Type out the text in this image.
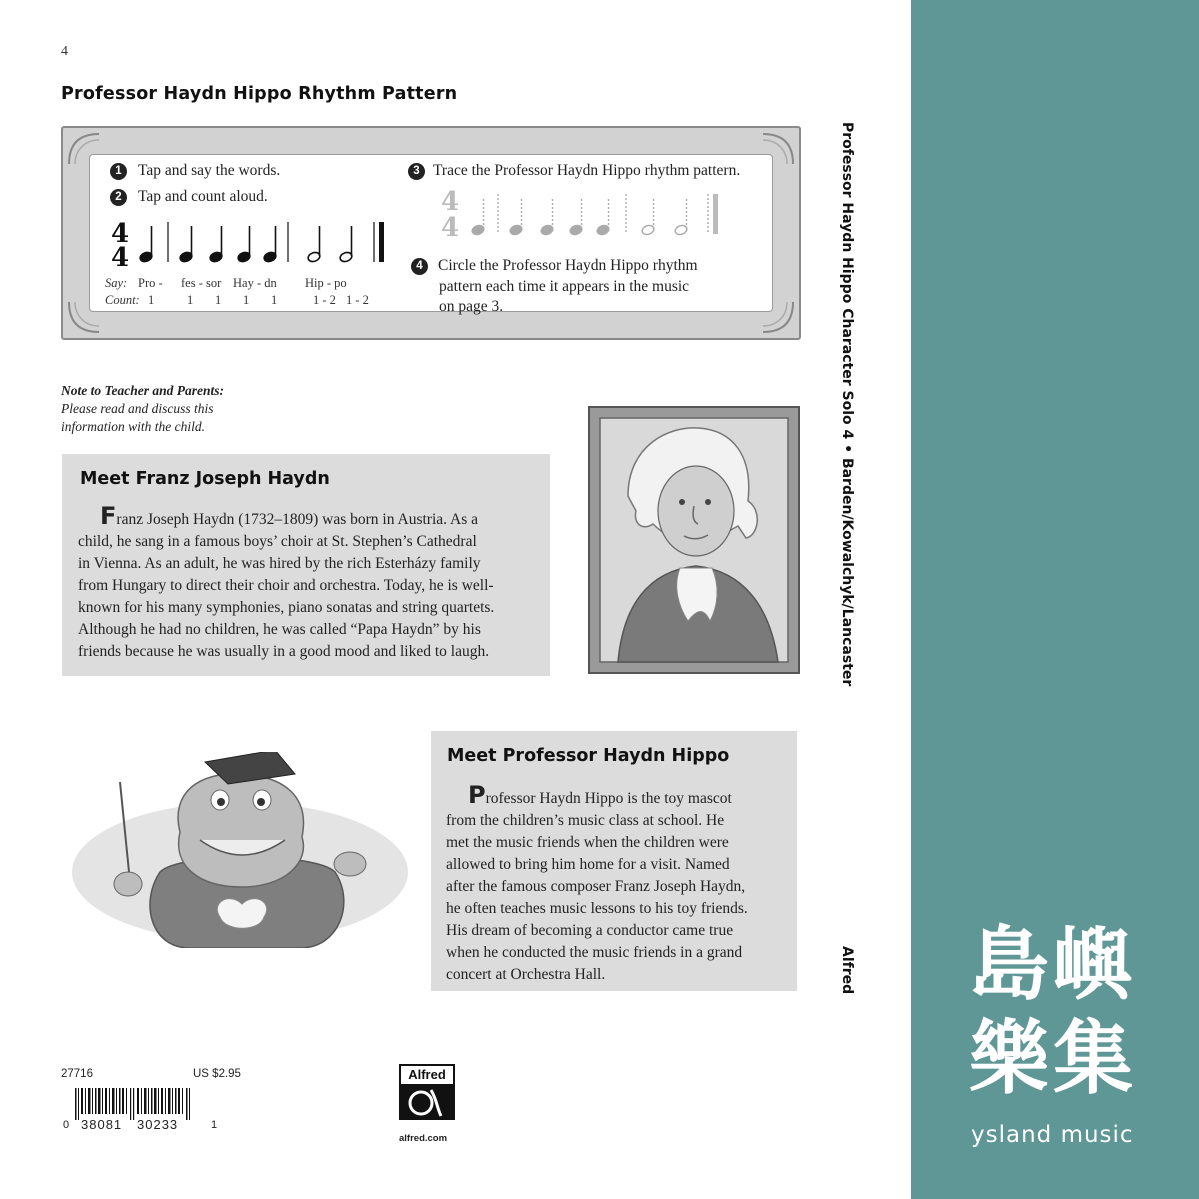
4
Professor Haydn Hippo Rhythm Pattern
1 Tap and say the words.
2 Tap and count aloud.
4
4
Say: Pro - fes - sor Hay - dn Hip - po
Count: 1	1 1 1 1	1 - 2 1 - 2
3 Trace the Professor Haydn Hippo rhythm pattern.
4
4
4 Circle the Professor Haydn Hippo rhythm
pattern each time it appears in the music
on page 3.
Note to Teacher and Parents:
Please read and discuss this
information with the child.
Meet Franz Joseph Haydn
Franz Joseph Haydn (1732–1809) was born in Austria. As a
child, he sang in a famous boys’ choir at St. Stephen’s Cathedral
in Vienna. As an adult, he was hired by the rich Esterházy family
from Hungary to direct their choir and orchestra. Today, he is well-
known for his many symphonies, piano sonatas and string quartets.
Although he had no children, he was called “Papa Haydn” by his
friends because he was usually in a good mood and liked to laugh.
Meet Professor Haydn Hippo
Professor Haydn Hippo is the toy mascot
from the children’s music class at school. He
met the music friends when the children were
allowed to bring him home for a visit. Named
after the famous composer Franz Joseph Haydn,
he often teaches music lessons to his toy friends.
His dream of becoming a conductor came true
when he conducted the music friends in a grand
concert at Orchestra Hall.
Professor Haydn Hippo Character Solo 4 • Barden/Kowalchyk/Lancaster
Alfred
27716	US $2.95
0 38081 30233	1
Alfred
alfred.com
島嶼
樂集
ysland music
